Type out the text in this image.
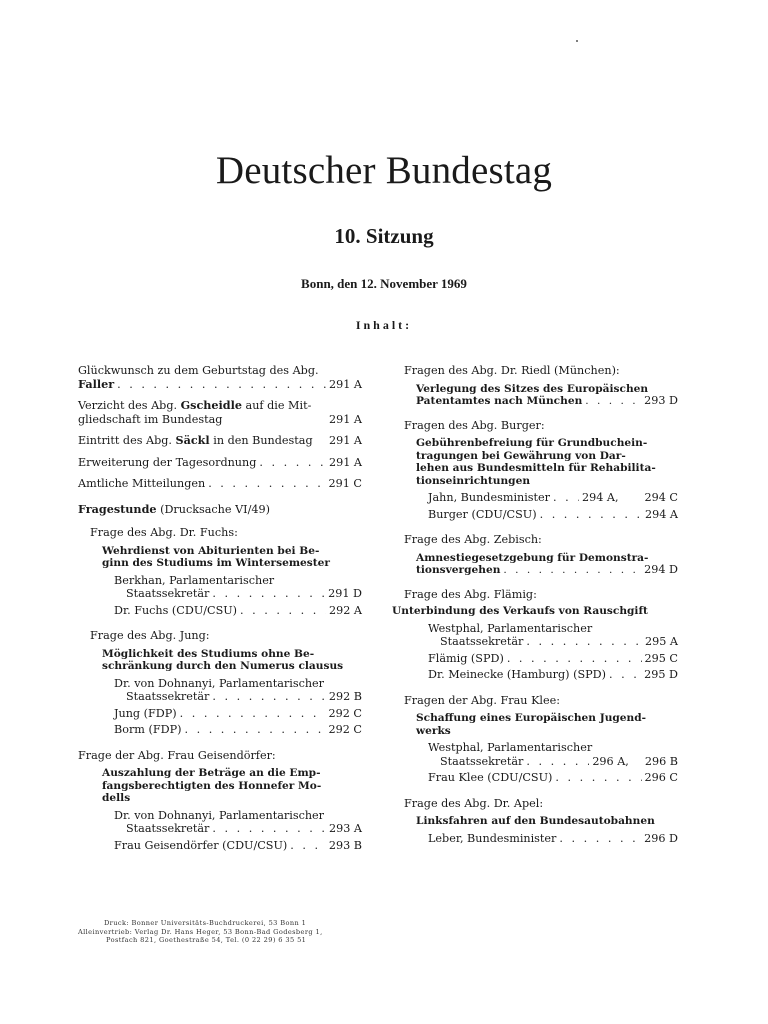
Deutscher Bundestag
10. Sitzung
Bonn, den 12. November 1969
Inhalt:
Glückwunsch zu dem Geburtstag des Abg.
Faller . . .	291 A
Verzicht des Abg.
Gscheidle
auf die Mit-
gliedschaft im Bundestag	291 A
Eintritt des Abg.
Säckl
in den Bundestag 291 A
Erweiterung der Tagesordnung . . .	291 A
Amtliche Mitteilungen . . .	291 C
Fragestunde
(Drucksache VI/49)
Frage des Abg. Dr. Fuchs:
Wehrdienst von Abiturienten bei Be-
ginn des Studiums im Wintersemester
Berkhan, Parlamentarischer
Staatssekretär . . .	291 D
Dr. Fuchs (CDU/CSU) . . .	292 A
Frage des Abg. Jung:
Möglichkeit des Studiums ohne Be-
schränkung durch den Numerus clausus
Dr. von Dohnanyi, Parlamentarischer
Staatssekretär . . .	292 B
Jung (FDP) . . .	292 C
Borm (FDP) . . .	292 C
Frage der Abg. Frau Geisendörfer:
Auszahlung der Beträge an die Emp-
fangsberechtigten des Honnefer Mo-
dells
Dr. von Dohnanyi, Parlamentarischer
Staatssekretär . . .	293 A
Frau Geisendörfer (CDU/CSU) . . .	293 B
Fragen des Abg. Dr. Riedl (München):
Verlegung des Sitzes des Europäischen
Patentamtes nach München . . .	293 D
Fragen des Abg. Burger:
Gebührenbefreiung für Grundbuchein-
tragungen bei Gewährung von Dar-
lehen aus Bundesmitteln für Rehabilita-
tionseinrichtungen
Jahn, Bundesminister . . .	294 A, 294 C
Burger (CDU/CSU) . . .	294 A
Frage des Abg. Zebisch:
Amnestiegesetzgebung für Demonstra-
tionsvergehen . . .	294 D
Frage des Abg. Flämig:
Unterbindung des Verkaufs von Rauschgift
Westphal, Parlamentarischer
Staatssekretär . . .	295 A
Flämig (SPD) . . .	295 C
Dr. Meinecke (Hamburg) (SPD) . . .	295 D
Fragen der Abg. Frau Klee:
Schaffung eines Europäischen Jugend-
werks
Westphal, Parlamentarischer
Staatssekretär . . .	296 A, 296 B
Frau Klee (CDU/CSU) . . .	296 C
Frage des Abg. Dr. Apel:
Linksfahren auf den Bundesautobahnen
Leber, Bundesminister . . .	296 D
Druck: Bonner Universitäts-Buchdruckerei, 53 Bonn 1
Alleinvertrieb: Verlag Dr. Hans Heger, 53 Bonn-Bad Godesberg 1,
Postfach 821, Goethestraße 54, Tel. (0 22 29) 6 35 51
